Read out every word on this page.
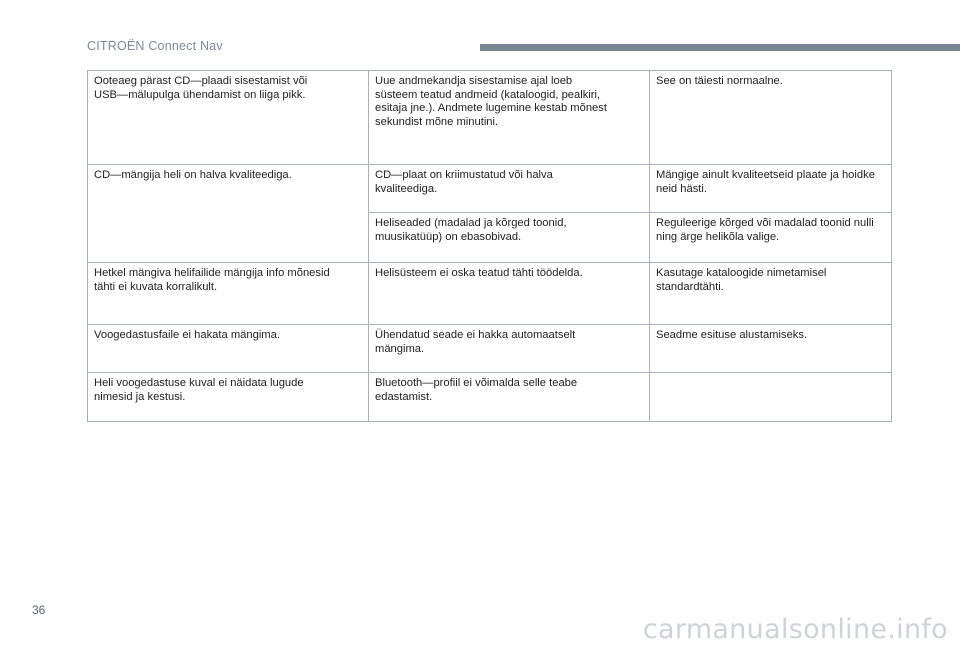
CITROËN Connect Nav
Ooteaeg pärast CD—plaadi sisestamist või
USB—mälupulga ühendamist on liiga pikk.	Uue andmekandja sisestamise ajal loeb
süsteem teatud andmeid (kataloogid, pealkiri,
esitaja jne.). Andmete lugemine kestab mõnest
sekundist mõne minutini.	See on täiesti normaalne.
CD—mängija heli on halva kvaliteediga.	CD—plaat on kriimustatud või halva
kvaliteediga.	Mängige ainult kvaliteetseid plaate ja hoidke
neid hästi.
	Heliseaded (madalad ja kõrged toonid,
muusikatüüp) on ebasobivad.	Reguleerige kõrged või madalad toonid nulli
ning ärge helikõla valige.
Hetkel mängiva helifailide mängija info mõnesid
tähti ei kuvata korralikult.	Helisüsteem ei oska teatud tähti töödelda.	Kasutage kataloogide nimetamisel
standardtähti.
Voogedastusfaile ei hakata mängima.	Ühendatud seade ei hakka automaatselt
mängima.	Seadme esituse alustamiseks.
Heli voogedastuse kuval ei näidata lugude
nimesid ja kestusi.	Bluetooth—profiil ei võimalda selle teabe
edastamist.	
36
carmanualsonline.info
